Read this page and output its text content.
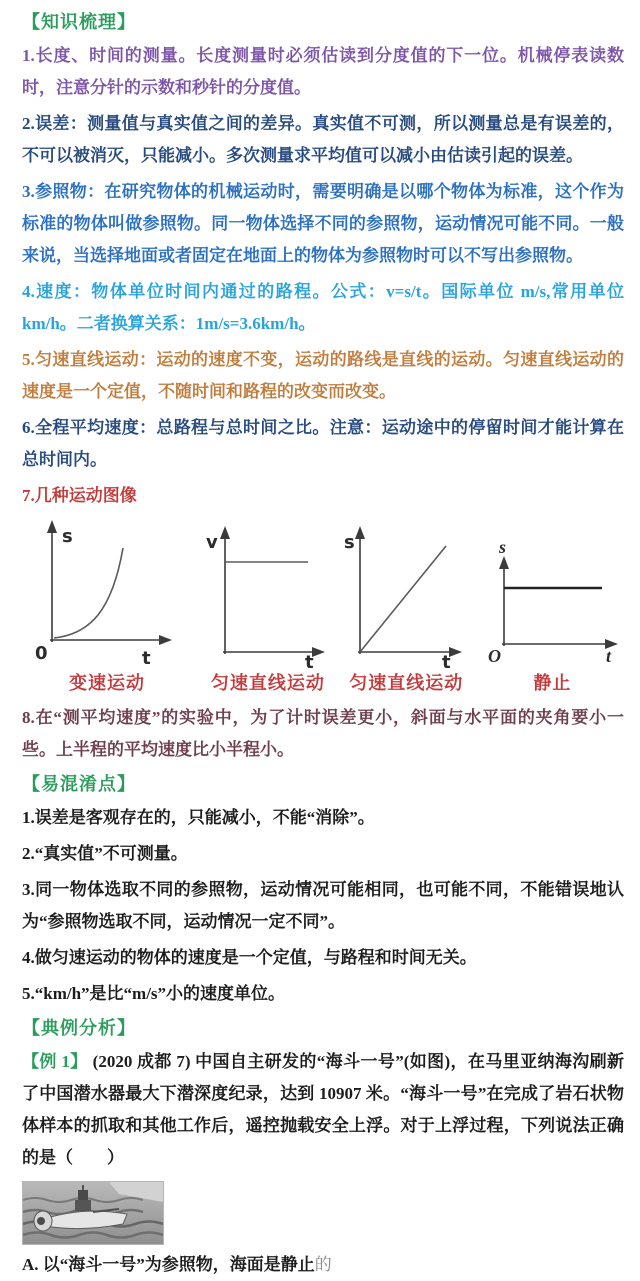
【知识梳理】

1.长度、时间的测量。长度测量时必须估读到分度值的下一位。机械停表读数时，注意分针的示数和秒针的分度值。

2.误差：测量值与真实值之间的差异。真实值不可测，所以测量总是有误差的，不可以被消灭，只能减小。多次测量求平均值可以减小由估读引起的误差。

3.参照物：在研究物体的机械运动时，需要明确是以哪个物体为标准，这个作为标准的物体叫做参照物。同一物体选择不同的参照物，运动情况可能不同。一般来说，当选择地面或者固定在地面上的物体为参照物时可以不写出参照物。

4.速度：物体单位时间内通过的路程。公式：v=s/t。国际单位 m/s,常用单位 km/h。二者换算关系：1m/s=3.6km/h。

5.匀速直线运动：运动的速度不变，运动的路线是直线的运动。匀速直线运动的速度是一个定值，不随时间和路程的改变而改变。

6.全程平均速度：总路程与总时间之比。注意：运动途中的停留时间才能计算在总时间内。

7.几种运动图像

s
0	t
变速运动
v
t
匀速直线运动
s
t
匀速直线运动
s
O	t
静止

8.在“测平均速度”的实验中，为了计时误差更小，斜面与水平面的夹角要小一些。上半程的平均速度比小半程小。

【易混淆点】

1.误差是客观存在的，只能减小，不能“消除”。

2.“真实值”不可测量。

3.同一物体选取不同的参照物，运动情况可能相同，也可能不同，不能错误地认为“参照物选取不同，运动情况一定不同”。

4.做匀速运动的物体的速度是一个定值，与路程和时间无关。

5.“km/h”是比“m/s”小的速度单位。

【典例分析】

【例 1】 (2020 成都 7) 中国自主研发的“海斗一号”(如图)，在马里亚纳海沟刷新了中国潜水器最大下潜深度纪录，达到 10907 米。“海斗一号”在完成了岩石状物体样本的抓取和其他工作后，遥控抛载安全上浮。对于上浮过程，下列说法正确的是（　　）

A. 以“海斗一号”为参照物，海面是静止的
